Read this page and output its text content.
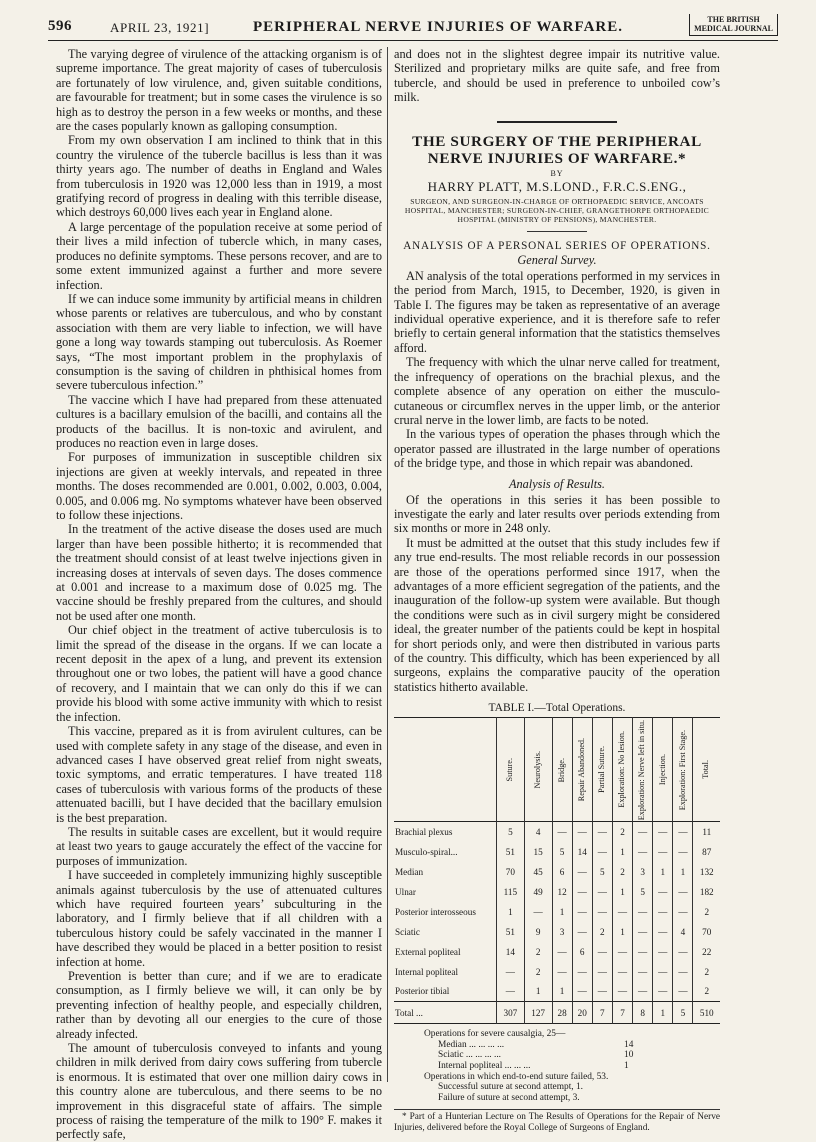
596	APRIL 23, 1921]	PERIPHERAL NERVE INJURIES OF WARFARE.	THE BRITISH
MEDICAL JOURNAL

The varying degree of virulence of the attacking organism is of supreme importance. The great majority of cases of tuberculosis are fortunately of low virulence, and, given suitable conditions, are favourable for treatment; but in some cases the virulence is so high as to destroy the person in a few weeks or months, and these are the cases popularly known as galloping consumption.

From my own observation I am inclined to think that in this country the virulence of the tubercle bacillus is less than it was thirty years ago. The number of deaths in England and Wales from tuberculosis in 1920 was 12,000 less than in 1919, a most gratifying record of progress in dealing with this terrible disease, which destroys 60,000 lives each year in England alone.

A large percentage of the population receive at some period of their lives a mild infection of tubercle which, in many cases, produces no definite symptoms. These persons recover, and are to some extent immunized against a further and more severe infection.

If we can induce some immunity by artificial means in children whose parents or relatives are tuberculous, and who by constant association with them are very liable to infection, we will have gone a long way towards stamping out tuberculosis. As Roemer says, “The most important problem in the prophylaxis of consumption is the saving of children in phthisical homes from severe tuberculous infection.”

The vaccine which I have had prepared from these attenuated cultures is a bacillary emulsion of the bacilli, and contains all the products of the bacillus. It is non-toxic and avirulent, and produces no reaction even in large doses.

For purposes of immunization in susceptible children six injections are given at weekly intervals, and repeated in three months. The doses recommended are 0.001, 0.002, 0.003, 0.004, 0.005, and 0.006 mg. No symptoms whatever have been observed to follow these injections.

In the treatment of the active disease the doses used are much larger than have been possible hitherto; it is recommended that the treatment should consist of at least twelve injections given in increasing doses at intervals of seven days. The doses commence at 0.001 and increase to a maximum dose of 0.025 mg. The vaccine should be freshly prepared from the cultures, and should not be used after one month.

Our chief object in the treatment of active tuberculosis is to limit the spread of the disease in the organs. If we can locate a recent deposit in the apex of a lung, and prevent its extension throughout one or two lobes, the patient will have a good chance of recovery, and I maintain that we can only do this if we can provide his blood with some active immunity with which to resist the infection.

This vaccine, prepared as it is from avirulent cultures, can be used with complete safety in any stage of the disease, and even in advanced cases I have observed great relief from night sweats, toxic symptoms, and erratic temperatures. I have treated 118 cases of tuberculosis with various forms of the products of these attenuated bacilli, but I have decided that the bacillary emulsion is the best preparation.

The results in suitable cases are excellent, but it would require at least two years to gauge accurately the effect of the vaccine for purposes of immunization.

I have succeeded in completely immunizing highly susceptible animals against tuberculosis by the use of attenuated cultures which have required fourteen years’ subculturing in the laboratory, and I firmly believe that if all children with a tuberculous history could be safely vaccinated in the manner I have described they would be placed in a better position to resist infection at home.

Prevention is better than cure; and if we are to eradicate consumption, as I firmly believe we will, it can only be by preventing infection of healthy people, and especially children, rather than by devoting all our energies to the cure of those already infected.

The amount of tuberculosis conveyed to infants and young children in milk derived from dairy cows suffering from tubercle is enormous. It is estimated that over one million dairy cows in this country alone are tuberculous, and there seems to be no improvement in this disgraceful state of affairs. The simple process of raising the temperature of the milk to 190° F. makes it perfectly safe,

and does not in the slightest degree impair its nutritive value. Sterilized and proprietary milks are quite safe, and free from tubercle, and should be used in preference to unboiled cow’s milk.

THE SURGERY OF THE PERIPHERAL NERVE INJURIES OF WARFARE.*
BY
HARRY PLATT, M.S.LOND., F.R.C.S.ENG.,
SURGEON, AND SURGEON-IN-CHARGE OF ORTHOPAEDIC SERVICE, ANCOATS HOSPITAL, MANCHESTER; SURGEON-IN-CHIEF, GRANGETHORPE ORTHOPAEDIC HOSPITAL (MINISTRY OF PENSIONS), MANCHESTER.
ANALYSIS OF A PERSONAL SERIES OF OPERATIONS.
General Survey.

AN analysis of the total operations performed in my services in the period from March, 1915, to December, 1920, is given in Table I. The figures may be taken as representative of an average individual operative experience, and it is therefore safe to refer briefly to certain general information that the statistics themselves afford.

The frequency with which the ulnar nerve called for treatment, the infrequency of operations on the brachial plexus, and the complete absence of any operation on either the musculo-cutaneous or circumflex nerves in the upper limb, or the anterior crural nerve in the lower limb, are facts to be noted.

In the various types of operation the phases through which the operator passed are illustrated in the large number of operations of the bridge type, and those in which repair was abandoned.

Analysis of Results.

Of the operations in this series it has been possible to investigate the early and later results over periods extending from six months or more in 248 only.

It must be admitted at the outset that this study includes few if any true end-results. The most reliable records in our possession are those of the operations performed since 1917, when the advantages of a more efficient segregation of the patients, and the inauguration of the follow-up system were available. But though the conditions were such as in civil surgery might be considered ideal, the greater number of the patients could be kept in hospital for short periods only, and were then distributed in various parts of the country. This difficulty, which has been experienced by all surgeons, explains the comparative paucity of the operation statistics hitherto available.

TABLE I.—Total Operations.

	Suture.	Neurolysis.	Bridge.	Repair Abandoned.	Partial Suture.	Exploration: No lesion.	Exploration: Nerve left in situ.	Injection.	Exploration: First Stage.	Total.

Brachial plexus	5	4	—	—	—	2	—	—	—	11
Musculo-spiral...	51	15	5	14	—	1	—	—	—	87
Median	70	45	6	—	5	2	3	1	1	132
Ulnar	115	49	12	—	—	1	5	—	—	182
Posterior interosseous	1	—	1	—	—	—	—	—	—	2
Sciatic	51	9	3	—	2	1	—	—	4	70
External popliteal	14	2	—	6	—	—	—	—	—	22
Internal popliteal	—	2	—	—	—	—	—	—	—	2
Posterior tibial	—	1	1	—	—	—	—	—	—	2
Total ...	307	127	28	20	7	7	8	1	5	510
Operations for severe causalgia, 25—
Median ... ... ... ...	14
Sciatic ... ... ... ...	10
Internal popliteal ... ... ...	1
Operations in which end-to-end suture failed, 53.
Successful suture at second attempt, 1.
Failure of suture at second attempt, 3.
* Part of a Hunterian Lecture on The Results of Operations for the Repair of Nerve Injuries, delivered before the Royal College of Surgeons of England.
